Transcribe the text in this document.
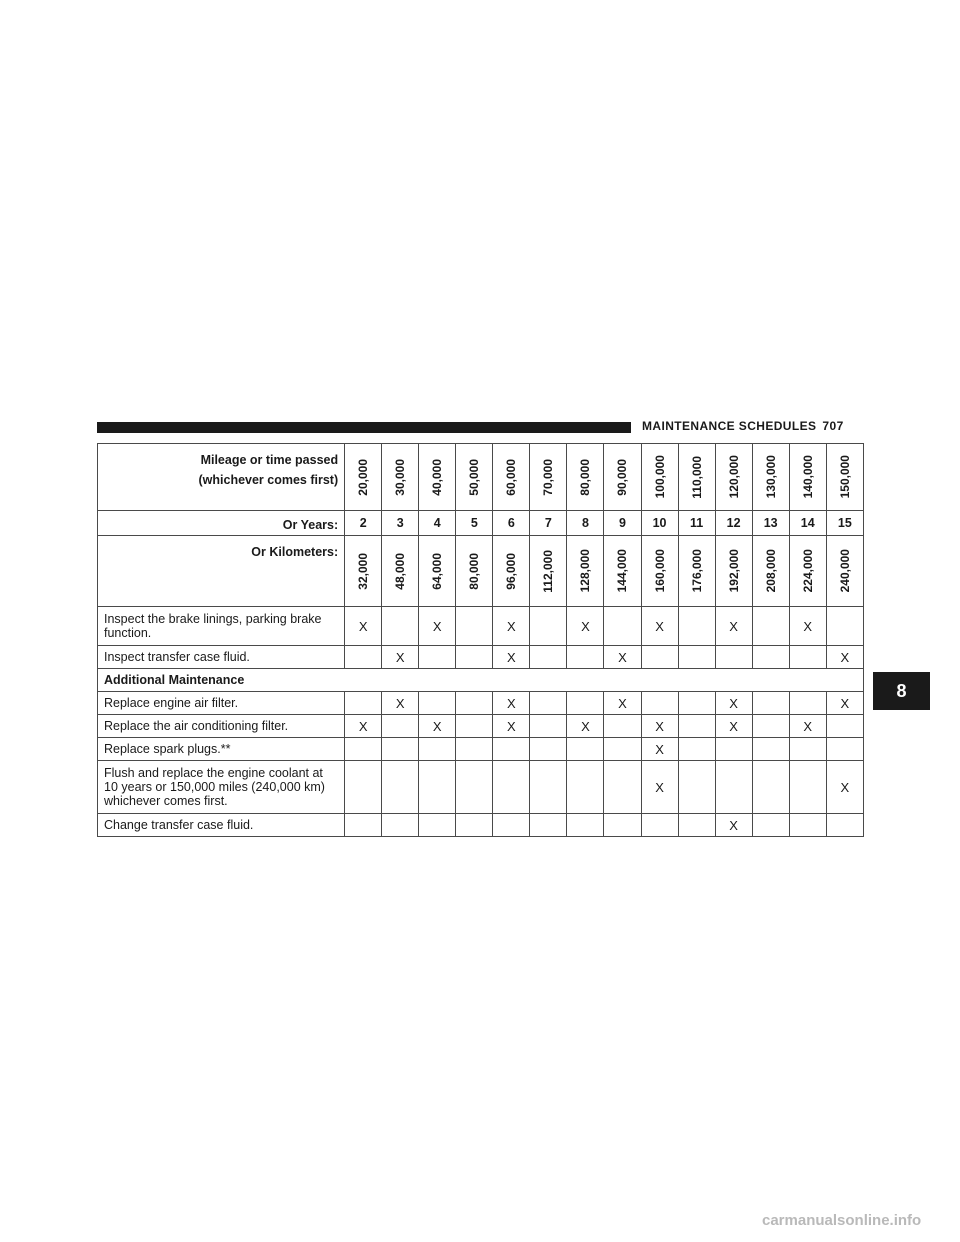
MAINTENANCE SCHEDULES 707
8
Mileage or time passed
(whichever comes first)	20,000	30,000	40,000	50,000	60,000	70,000	80,000	90,000	100,000	110,000	120,000	130,000	140,000	150,000

Or Years:	2	3	4	5	6	7	8	9	10	11	12	13	14	15

Or Kilometers:	32,000	48,000	64,000	80,000	96,000	112,000	128,000	144,000	160,000	176,000	192,000	208,000	224,000	240,000

Inspect the brake linings, parking brake function.	X		X		X		X		X		X		X	
Inspect transfer case fluid.		X			X			X						X
Additional Maintenance														
Replace engine air filter.		X			X			X			X			X
Replace the air conditioning filter.	X		X		X		X		X		X		X	
Replace spark plugs.**									X					
Flush and replace the engine coolant at 10 years or 150,000 miles (240,000 km) whichever comes first.									X					X
Change transfer case fluid.											X			
carmanualsonline.info
